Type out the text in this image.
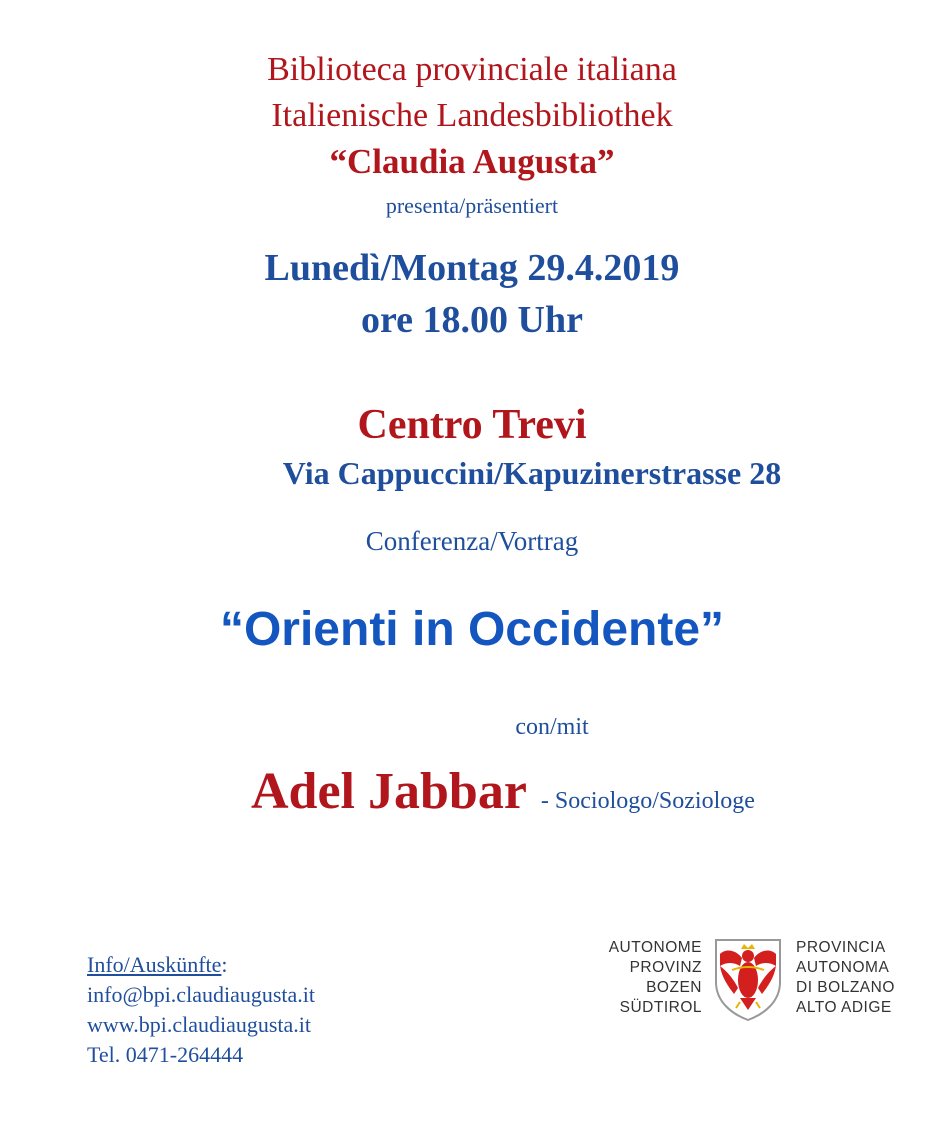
Biblioteca provinciale italiana
Italienische Landesbibliothek
“Claudia Augusta”
presenta/präsentiert
Lunedì/Montag 29.4.2019
ore 18.00 Uhr
Centro Trevi
Via Cappuccini/Kapuzinerstrasse 28
Conferenza/Vortrag
“Orienti in Occidente”
con/mit
Adel Jabbar - Sociologo/Soziologe
Info/Auskünfte:
info@bpi.claudiaugusta.it
www.bpi.claudiaugusta.it
Tel. 0471-264444
AUTONOME
PROVINZ
BOZEN
SÜDTIROL
PROVINCIA
AUTONOMA
DI BOLZANO
ALTO ADIGE
